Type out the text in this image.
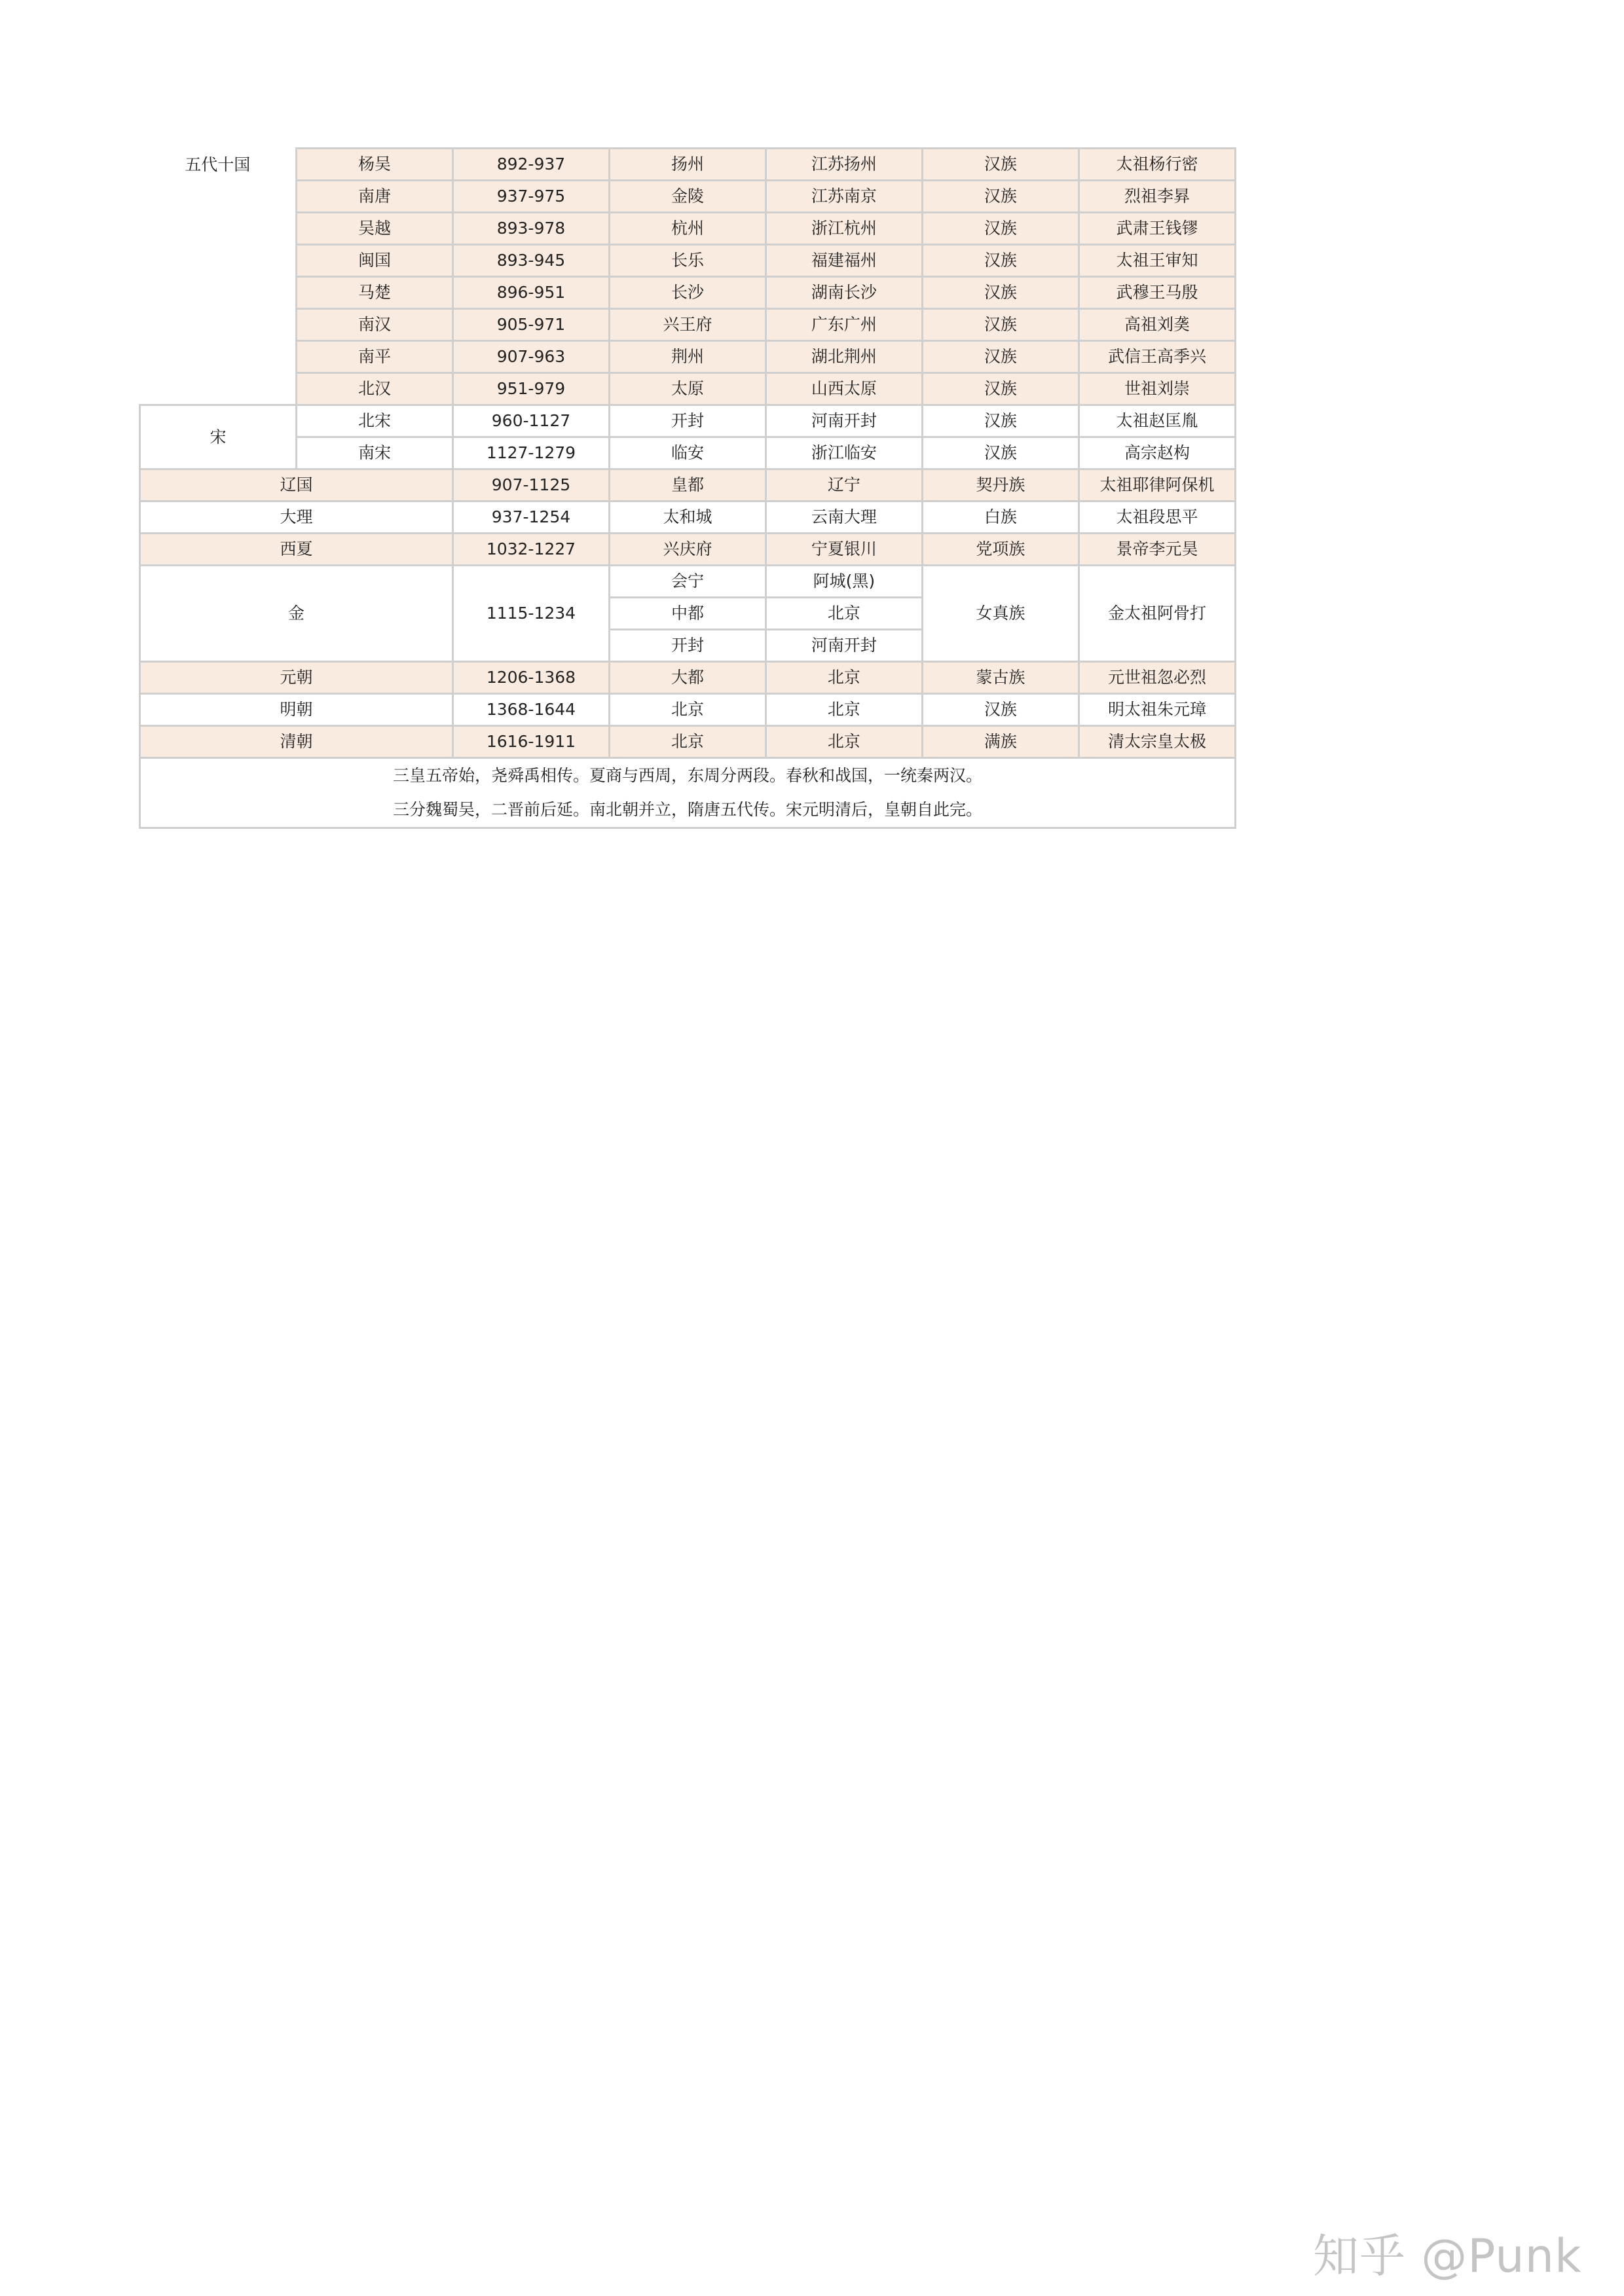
五代十国	杨吴	892-937	扬州	江苏扬州	汉族	太祖杨行密
	南唐	937-975	金陵	江苏南京	汉族	烈祖李昪
	吴越	893-978	杭州	浙江杭州	汉族	武肃王钱镠
	闽国	893-945	长乐	福建福州	汉族	太祖王审知
	马楚	896-951	长沙	湖南长沙	汉族	武穆王马殷
	南汉	905-971	兴王府	广东广州	汉族	高祖刘䶮
	南平	907-963	荆州	湖北荆州	汉族	武信王高季兴
	北汉	951-979	太原	山西太原	汉族	世祖刘崇
宋	北宋	960-1127	开封	河南开封	汉族	太祖赵匡胤
	南宋	1127-1279	临安	浙江临安	汉族	高宗赵构
辽国		907-1125	皇都	辽宁	契丹族	太祖耶律阿保机
大理		937-1254	太和城	云南大理	白族	太祖段思平
西夏		1032-1227	兴庆府	宁夏银川	党项族	景帝李元昊
金		1115-1234	会宁	阿城(黑)	女真族	金太祖阿骨打
			中都	北京		
			开封	河南开封		
元朝		1206-1368	大都	北京	蒙古族	元世祖忽必烈
明朝		1368-1644	北京	北京	汉族	明太祖朱元璋
清朝		1616-1911	北京	北京	满族	清太宗皇太极

三皇五帝始，尧舜禹相传。夏商与西周，东周分两段。春秋和战国，一统秦两汉。
三分魏蜀吴，二晋前后延。南北朝并立，隋唐五代传。宋元明清后，皇朝自此完。						
知乎 @Punk
